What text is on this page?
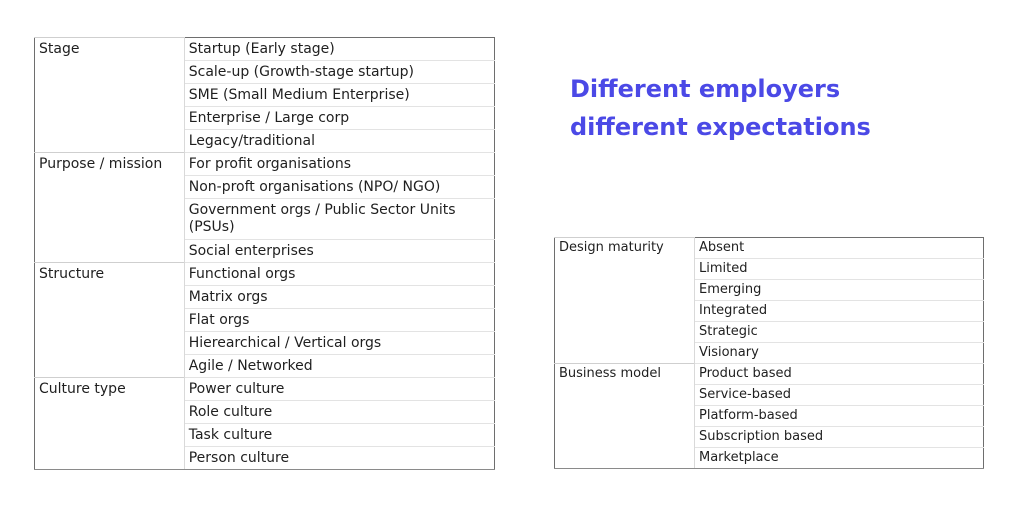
Different employers
different expectations
Stage	Startup (Early stage)
	Scale-up (Growth-stage startup)
	SME (Small Medium Enterprise)
	Enterprise / Large corp
	Legacy/traditional
Purpose / mission	For profit organisations
	Non-proft organisations (NPO/ NGO)
	Government orgs / Public Sector Units (PSUs)
	Social enterprises
Structure	Functional orgs
	Matrix orgs
	Flat orgs
	Hierearchical / Vertical orgs
	Agile / Networked
Culture type	Power culture
	Role culture
	Task culture
	Person culture
Design maturity	Absent
	Limited
	Emerging
	Integrated
	Strategic
	Visionary
Business model	Product based
	Service-based
	Platform-based
	Subscription based
	Marketplace
